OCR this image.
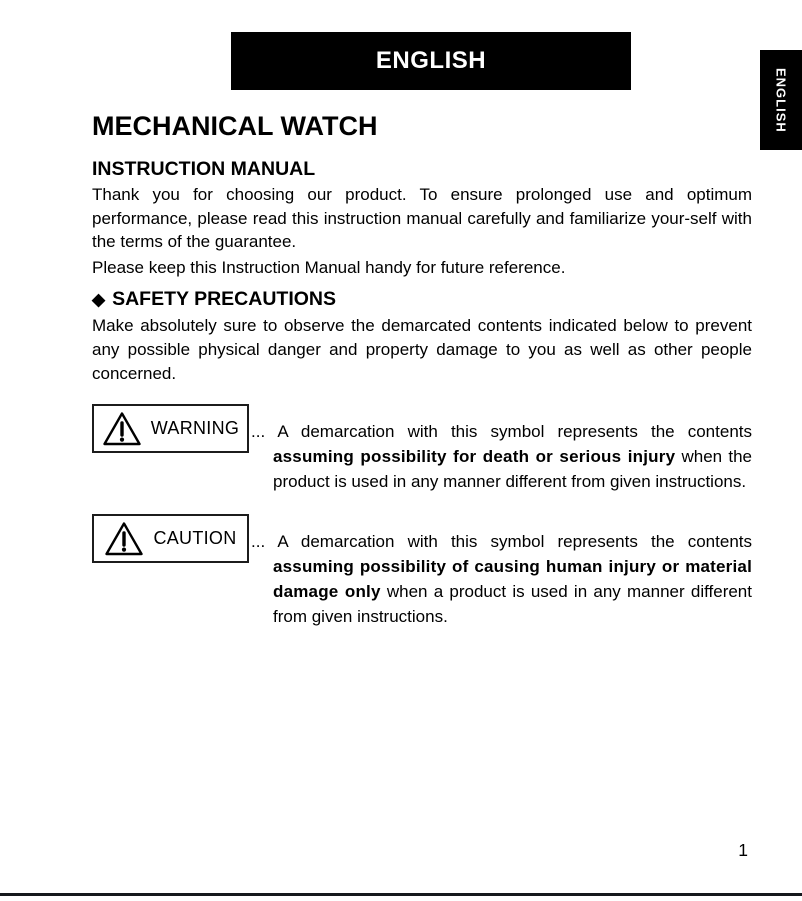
ENGLISH
ENGLISH
MECHANICAL WATCH
INSTRUCTION MANUAL

Thank you for choosing our product. To ensure prolonged use and optimum performance, please read this instruction manual carefully and familiarize your-self with the terms of the guarantee.

Please keep this Instruction Manual handy for future reference.

◆ SAFETY PRECAUTIONS

Make absolutely sure to observe the demarcated contents indicated below to prevent any possible physical danger and property damage to you as well as other people concerned.

WARNING ... A demarcation with this symbol represents the contents assuming possibility for death or serious injury when the product is used in any manner different from given instructions.

CAUTION ... A demarcation with this symbol represents the contents assuming possibility of causing human injury or material damage only when a product is used in any manner different from given instructions.

1
